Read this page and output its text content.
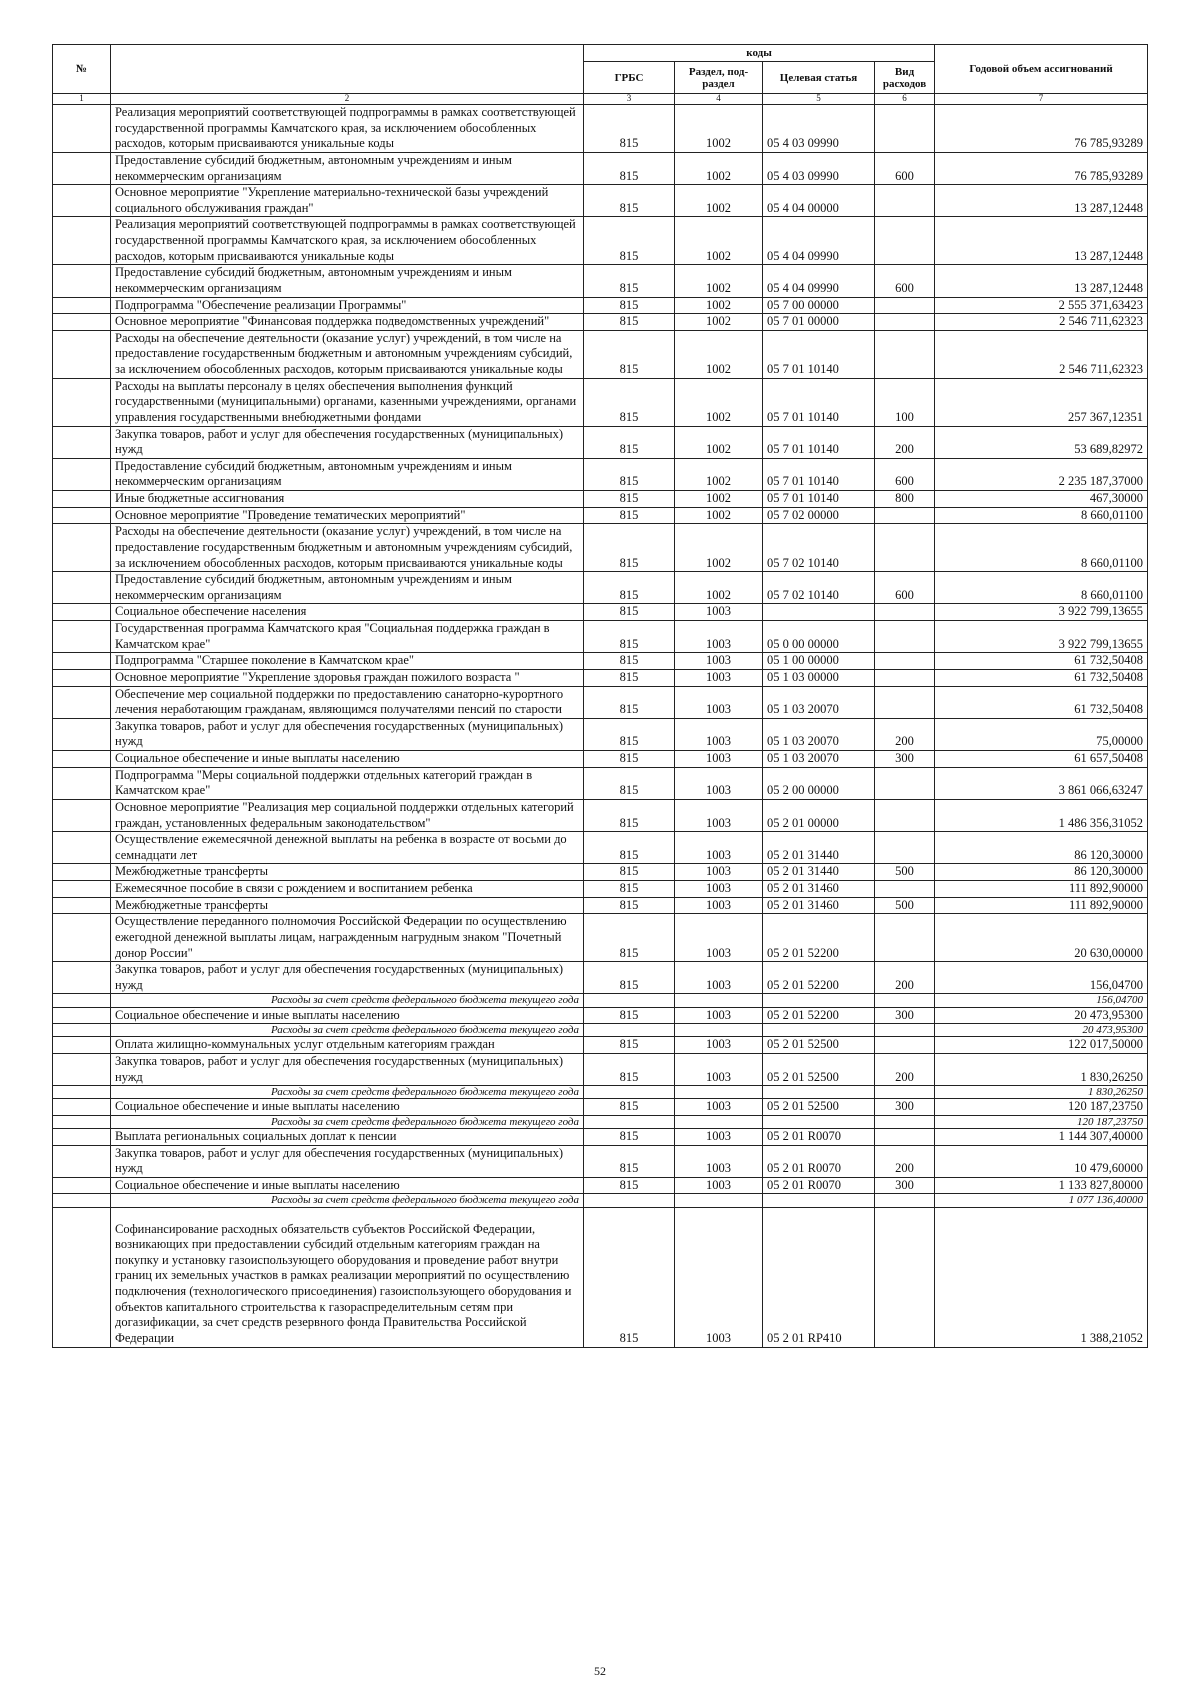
№		коды				Годовой объем ассигнований
		ГРБС	Раздел, под-раздел	Целевая статья	Вид расходов	
1	2	3	4	5	6	7
	Реализация мероприятий соответствующей подпрограммы в рамках соответствующей государственной программы Камчатского края, за исключением обособленных расходов, которым присваиваются уникальные коды	815	1002	05 4 03 09990		76 785,93289
	Предоставление субсидий бюджетным, автономным учреждениям и иным некоммерческим организациям	815	1002	05 4 03 09990	600	76 785,93289
	Основное мероприятие "Укрепление материально-технической базы учреждений социального обслуживания граждан"	815	1002	05 4 04 00000		13 287,12448
	Реализация мероприятий соответствующей подпрограммы в рамках соответствующей государственной программы Камчатского края, за исключением обособленных расходов, которым присваиваются уникальные коды	815	1002	05 4 04 09990		13 287,12448
	Предоставление субсидий бюджетным, автономным учреждениям и иным некоммерческим организациям	815	1002	05 4 04 09990	600	13 287,12448
	Подпрограмма "Обеспечение реализации Программы"	815	1002	05 7 00 00000		2 555 371,63423
	Основное мероприятие "Финансовая поддержка подведомственных учреждений"	815	1002	05 7 01 00000		2 546 711,62323
	Расходы на обеспечение деятельности (оказание услуг) учреждений, в том числе на предоставление государственным бюджетным и автономным учреждениям субсидий, за исключением обособленных расходов, которым присваиваются уникальные коды	815	1002	05 7 01 10140		2 546 711,62323
	Расходы на выплаты персоналу в целях обеспечения выполнения функций государственными (муниципальными) органами, казенными учреждениями, органами управления государственными внебюджетными фондами	815	1002	05 7 01 10140	100	257 367,12351
	Закупка товаров, работ и услуг для обеспечения государственных (муниципальных) нужд	815	1002	05 7 01 10140	200	53 689,82972
	Предоставление субсидий бюджетным, автономным учреждениям и иным некоммерческим организациям	815	1002	05 7 01 10140	600	2 235 187,37000
	Иные бюджетные ассигнования	815	1002	05 7 01 10140	800	467,30000
	Основное мероприятие "Проведение тематических мероприятий"	815	1002	05 7 02 00000		8 660,01100
	Расходы на обеспечение деятельности (оказание услуг) учреждений, в том числе на предоставление государственным бюджетным и автономным учреждениям субсидий, за исключением обособленных расходов, которым присваиваются уникальные коды	815	1002	05 7 02 10140		8 660,01100
	Предоставление субсидий бюджетным, автономным учреждениям и иным некоммерческим организациям	815	1002	05 7 02 10140	600	8 660,01100
	Социальное обеспечение населения	815	1003			3 922 799,13655
	Государственная программа Камчатского края "Социальная поддержка граждан в Камчатском крае"	815	1003	05 0 00 00000		3 922 799,13655
	Подпрограмма "Старшее поколение в Камчатском крае"	815	1003	05 1 00 00000		61 732,50408
	Основное мероприятие "Укрепление здоровья граждан пожилого возраста "	815	1003	05 1 03 00000		61 732,50408
	Обеспечение мер социальной поддержки по предоставлению санаторно-курортного лечения неработающим гражданам, являющимся получателями пенсий по старости	815	1003	05 1 03 20070		61 732,50408
	Закупка товаров, работ и услуг для обеспечения государственных (муниципальных) нужд	815	1003	05 1 03 20070	200	75,00000
	Социальное обеспечение и иные выплаты населению	815	1003	05 1 03 20070	300	61 657,50408
	Подпрограмма "Меры социальной поддержки отдельных категорий граждан в Камчатском крае"	815	1003	05 2 00 00000		3 861 066,63247
	Основное мероприятие "Реализация мер социальной поддержки отдельных категорий граждан, установленных федеральным законодательством"	815	1003	05 2 01 00000		1 486 356,31052
	Осуществление ежемесячной денежной выплаты на ребенка в возрасте от восьми до семнадцати лет	815	1003	05 2 01 31440		86 120,30000
	Межбюджетные трансферты	815	1003	05 2 01 31440	500	86 120,30000
	Ежемесячное пособие в связи с рождением и воспитанием ребенка	815	1003	05 2 01 31460		111 892,90000
	Межбюджетные трансферты	815	1003	05 2 01 31460	500	111 892,90000
	Осуществление переданного полномочия Российской Федерации по осуществлению ежегодной денежной выплаты лицам, награжденным нагрудным знаком "Почетный донор России"	815	1003	05 2 01 52200		20 630,00000
	Закупка товаров, работ и услуг для обеспечения государственных (муниципальных) нужд	815	1003	05 2 01 52200	200	156,04700
	Расходы за счет средств федерального бюджета текущего года					156,04700
	Социальное обеспечение и иные выплаты населению	815	1003	05 2 01 52200	300	20 473,95300
	Расходы за счет средств федерального бюджета текущего года					20 473,95300
	Оплата жилищно-коммунальных услуг отдельным категориям граждан	815	1003	05 2 01 52500		122 017,50000
	Закупка товаров, работ и услуг для обеспечения государственных (муниципальных) нужд	815	1003	05 2 01 52500	200	1 830,26250
	Расходы за счет средств федерального бюджета текущего года					1 830,26250
	Социальное обеспечение и иные выплаты населению	815	1003	05 2 01 52500	300	120 187,23750
	Расходы за счет средств федерального бюджета текущего года					120 187,23750
	Выплата региональных социальных доплат к пенсии	815	1003	05 2 01 R0070		1 144 307,40000
	Закупка товаров, работ и услуг для обеспечения государственных (муниципальных) нужд	815	1003	05 2 01 R0070	200	10 479,60000
	Социальное обеспечение и иные выплаты населению	815	1003	05 2 01 R0070	300	1 133 827,80000
	Расходы за счет средств федерального бюджета текущего года					1 077 136,40000
	Софинансирование расходных обязательств субъектов Российской Федерации, возникающих при предоставлении субсидий отдельным категориям граждан на покупку и установку газоиспользующего оборудования и проведение работ внутри границ их земельных участков в рамках реализации мероприятий по осуществлению подключения (технологического присоединения) газоиспользующего оборудования и объектов капитального строительства к газораспределительным сетям при догазификации, за счет средств резервного фонда Правительства Российской Федерации	815	1003	05 2 01 RP410		1 388,21052
52
